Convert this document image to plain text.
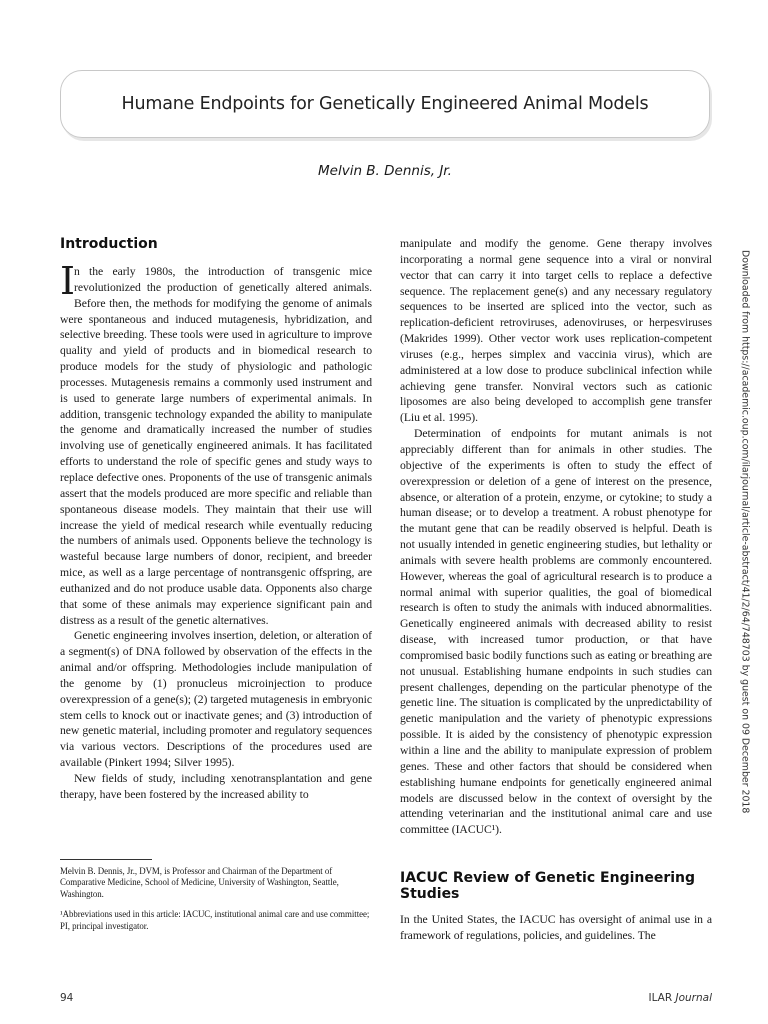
Humane Endpoints for Genetically Engineered Animal Models
Melvin B. Dennis, Jr.
Introduction

In the early 1980s, the introduction of transgenic mice revolutionized the production of genetically altered animals. Before then, the methods for modifying the genome of animals were spontaneous and induced mutagenesis, hybridization, and selective breeding. These tools were used in agriculture to improve quality and yield of products and in biomedical research to produce models for the study of physiologic and pathologic processes. Mutagenesis remains a commonly used instrument and is used to generate large numbers of experimental animals. In addition, transgenic technology expanded the ability to manipulate the genome and dramatically increased the number of studies involving use of genetically engineered animals. It has facilitated efforts to understand the role of specific genes and study ways to replace defective ones. Proponents of the use of transgenic animals assert that the models produced are more specific and reliable than spontaneous disease models. They maintain that their use will increase the yield of medical research while eventually reducing the numbers of animals used. Opponents believe the technology is wasteful because large numbers of donor, recipient, and breeder mice, as well as a large percentage of nontransgenic offspring, are euthanized and do not produce usable data. Opponents also charge that some of these animals may experience significant pain and distress as a result of the genetic alternatives.

Genetic engineering involves insertion, deletion, or alteration of a segment(s) of DNA followed by observation of the effects in the animal and/or offspring. Methodologies include manipulation of the genome by (1) pronucleus microinjection to produce overexpression of a gene(s); (2) targeted mutagenesis in embryonic stem cells to knock out or inactivate genes; and (3) introduction of new genetic material, including promoter and regulatory sequences via various vectors. Descriptions of the procedures used are available (Pinkert 1994; Silver 1995).

New fields of study, including xenotransplantation and gene therapy, have been fostered by the increased ability to

Melvin B. Dennis, Jr., DVM, is Professor and Chairman of the Department of Comparative Medicine, School of Medicine, University of Washington, Seattle, Washington.

¹Abbreviations used in this article: IACUC, institutional animal care and use committee; PI, principal investigator.

manipulate and modify the genome. Gene therapy involves incorporating a normal gene sequence into a viral or nonviral vector that can carry it into target cells to replace a defective sequence. The replacement gene(s) and any necessary regulatory sequences to be inserted are spliced into the vector, such as replication-deficient retroviruses, adenoviruses, or herpesviruses (Makrides 1999). Other vector work uses replication-competent viruses (e.g., herpes simplex and vaccinia virus), which are administered at a low dose to produce subclinical infection while achieving gene transfer. Nonviral vectors such as cationic liposomes are also being developed to accomplish gene transfer (Liu et al. 1995).

Determination of endpoints for mutant animals is not appreciably different than for animals in other studies. The objective of the experiments is often to study the effect of overexpression or deletion of a gene of interest on the presence, absence, or alteration of a protein, enzyme, or cytokine; to study a human disease; or to develop a treatment. A robust phenotype for the mutant gene that can be readily observed is helpful. Death is not usually intended in genetic engineering studies, but lethality or animals with severe health problems are commonly encountered. However, whereas the goal of agricultural research is to produce a normal animal with superior qualities, the goal of biomedical research is often to study the animals with induced abnormalities. Genetically engineered animals with decreased ability to resist disease, with increased tumor production, or that have compromised basic bodily functions such as eating or breathing are not unusual. Establishing humane endpoints in such studies can present challenges, depending on the particular phenotype of the genetic line. The situation is complicated by the unpredictability of genetic manipulation and the variety of phenotypic expressions possible. It is aided by the consistency of phenotypic expression within a line and the ability to manipulate expression of problem genes. These and other factors that should be considered when establishing humane endpoints for genetically engineered animal models are discussed below in the context of oversight by the attending veterinarian and the institutional animal care and use committee (IACUC¹).

IACUC Review of Genetic Engineering Studies

In the United States, the IACUC has oversight of animal use in a framework of regulations, policies, and guidelines. The

Downloaded from https://academic.oup.com/ilarjournal/article-abstract/41/2/64/748703 by guest on 09 December 2018
94	ILAR Journal
